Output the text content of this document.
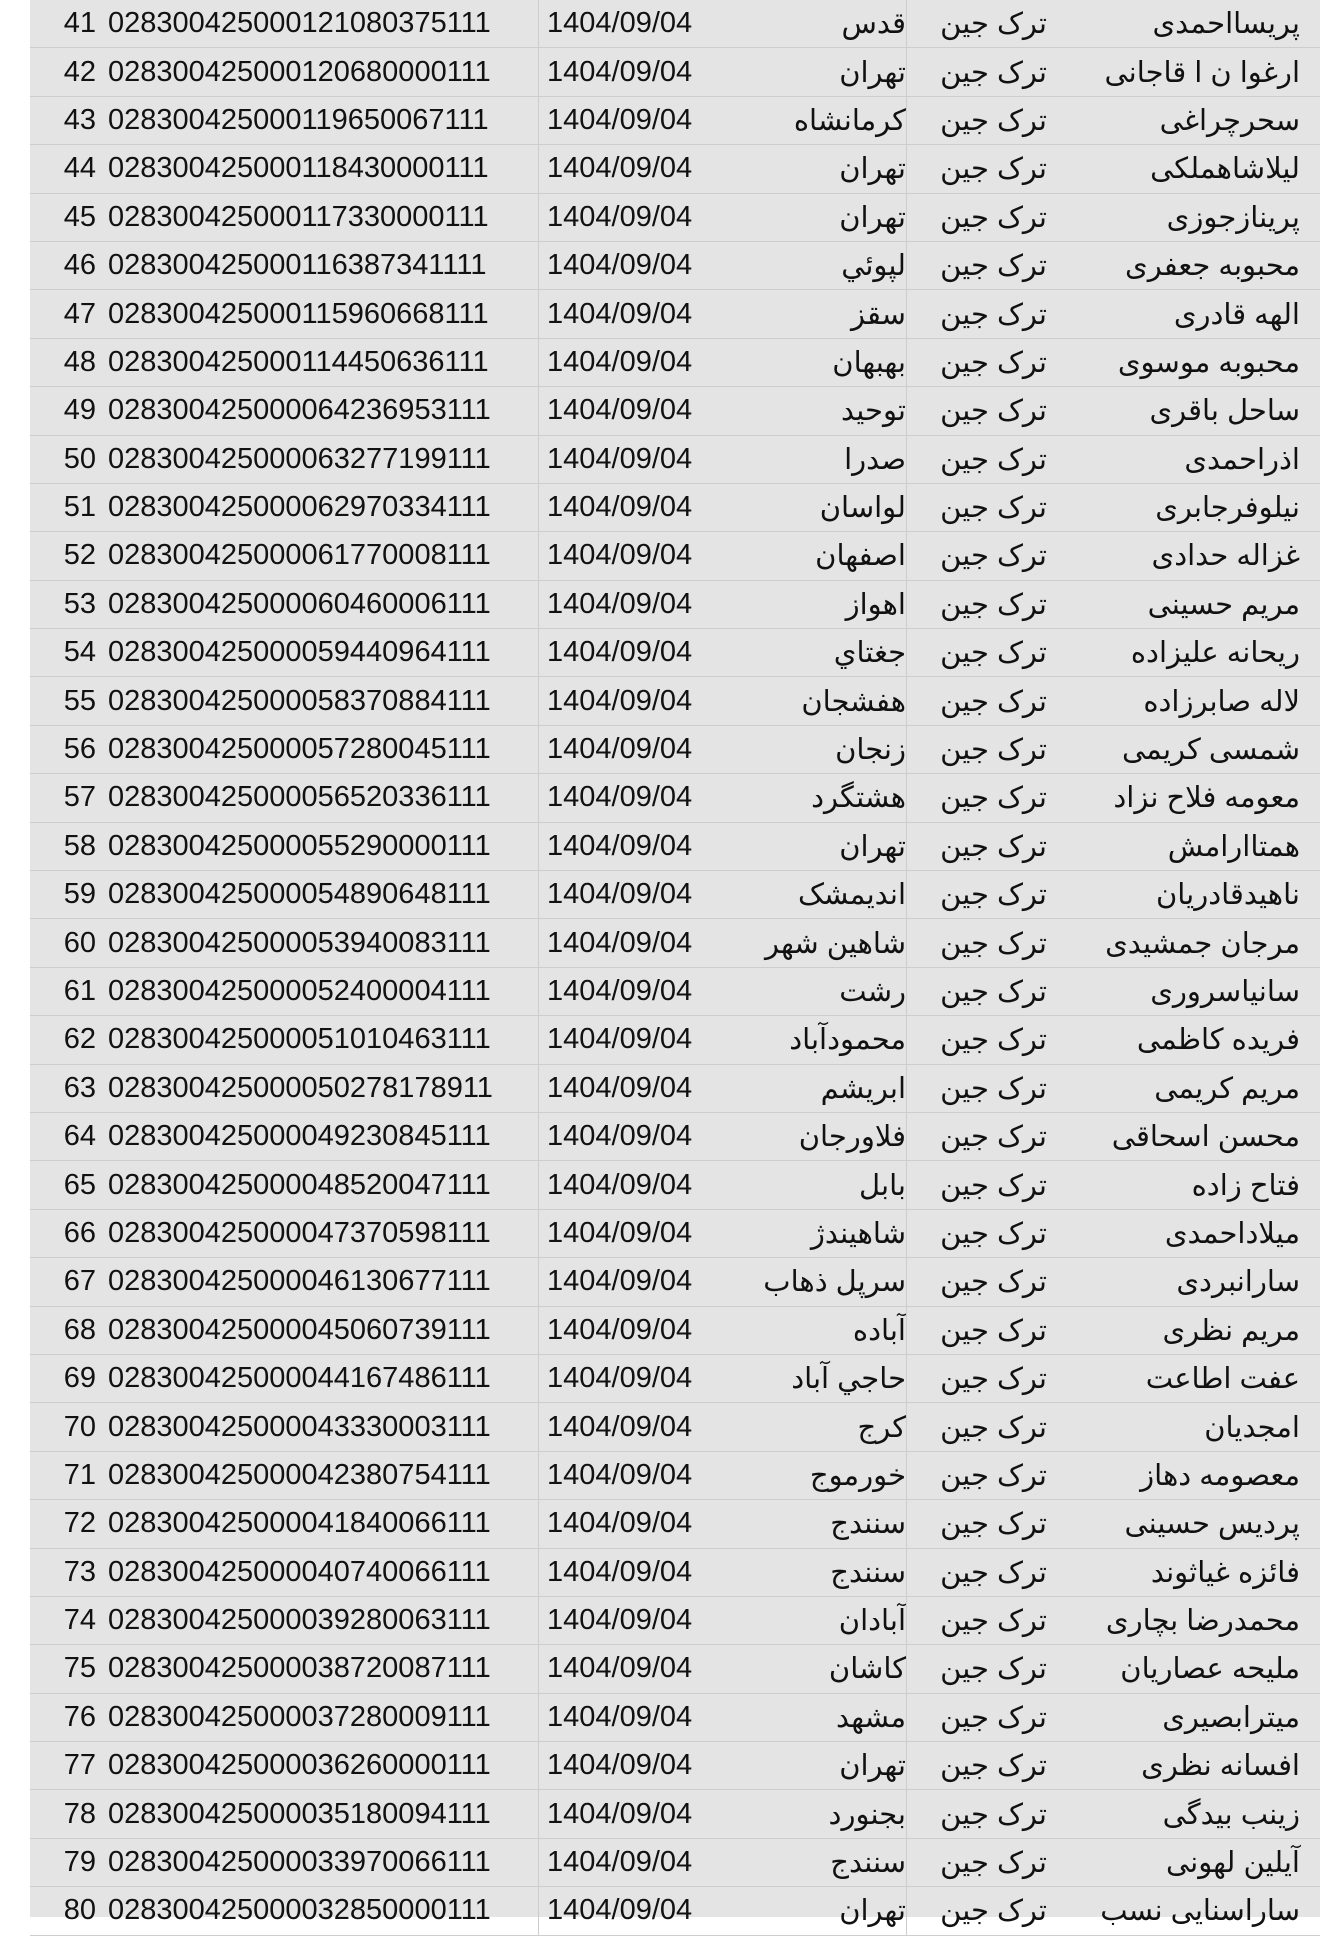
41	028300425000121080375111	1404/09/04	قدس	ترک جین	پریسااحمدی
42	028300425000120680000111	1404/09/04	تهران	ترک جین	ارغوا ن ا قاجانی
43	028300425000119650067111	1404/09/04	کرمانشاه	ترک جین	سحرچراغی
44	028300425000118430000111	1404/09/04	تهران	ترک جین	لیلاشاهملکی
45	028300425000117330000111	1404/09/04	تهران	ترک جین	پرینازجوزی
46	028300425000116387341111	1404/09/04	لپوئي	ترک جین	محبوبه جعفری
47	028300425000115960668111	1404/09/04	سقز	ترک جین	الهه قادری
48	028300425000114450636111	1404/09/04	بهبهان	ترک جین	محبوبه موسوی
49	028300425000064236953111	1404/09/04	توحید	ترک جین	ساحل باقری
50	028300425000063277199111	1404/09/04	صدرا	ترک جین	اذراحمدی
51	028300425000062970334111	1404/09/04	لواسان	ترک جین	نیلوفرجابری
52	028300425000061770008111	1404/09/04	اصفهان	ترک جین	غزاله حدادی
53	028300425000060460006111	1404/09/04	اهواز	ترک جین	مریم حسینی
54	028300425000059440964111	1404/09/04	جغتاي	ترک جین	ریحانه علیزاده
55	028300425000058370884111	1404/09/04	هفشجان	ترک جین	لاله صابرزاده
56	028300425000057280045111	1404/09/04	زنجان	ترک جین	شمسی کریمی
57	028300425000056520336111	1404/09/04	هشتگرد	ترک جین	معومه فلاح نزاد
58	028300425000055290000111	1404/09/04	تهران	ترک جین	همتاارامش
59	028300425000054890648111	1404/09/04	اندیمشک	ترک جین	ناهیدقادریان
60	028300425000053940083111	1404/09/04	شاهین شهر	ترک جین	مرجان جمشیدی
61	028300425000052400004111	1404/09/04	رشت	ترک جین	سانیاسروری
62	028300425000051010463111	1404/09/04	محمودآباد	ترک جین	فریده کاظمی
63	028300425000050278178911	1404/09/04	ابریشم	ترک جین	مریم کریمی
64	028300425000049230845111	1404/09/04	فلاورجان	ترک جین	محسن اسحاقی
65	028300425000048520047111	1404/09/04	بابل	ترک جین	فتاح زاده
66	028300425000047370598111	1404/09/04	شاهیندژ	ترک جین	میلاداحمدی
67	028300425000046130677111	1404/09/04	سرپل ذهاب	ترک جین	سارانبردی
68	028300425000045060739111	1404/09/04	آباده	ترک جین	مریم نظری
69	028300425000044167486111	1404/09/04	حاجي آباد	ترک جین	عفت اطاعت
70	028300425000043330003111	1404/09/04	کرج	ترک جین	امجدیان
71	028300425000042380754111	1404/09/04	خورموج	ترک جین	معصومه دهاز
72	028300425000041840066111	1404/09/04	سنندج	ترک جین	پردیس حسینی
73	028300425000040740066111	1404/09/04	سنندج	ترک جین	فائزه غیاثوند
74	028300425000039280063111	1404/09/04	آبادان	ترک جین	محمدرضا بچاری
75	028300425000038720087111	1404/09/04	کاشان	ترک جین	ملیحه عصاریان
76	028300425000037280009111	1404/09/04	مشهد	ترک جین	میترابصیری
77	028300425000036260000111	1404/09/04	تهران	ترک جین	افسانه نظری
78	028300425000035180094111	1404/09/04	بجنورد	ترک جین	زینب بیدگی
79	028300425000033970066111	1404/09/04	سنندج	ترک جین	آیلین لهونی
80	028300425000032850000111	1404/09/04	تهران	ترک جین	ساراسنایی نسب
